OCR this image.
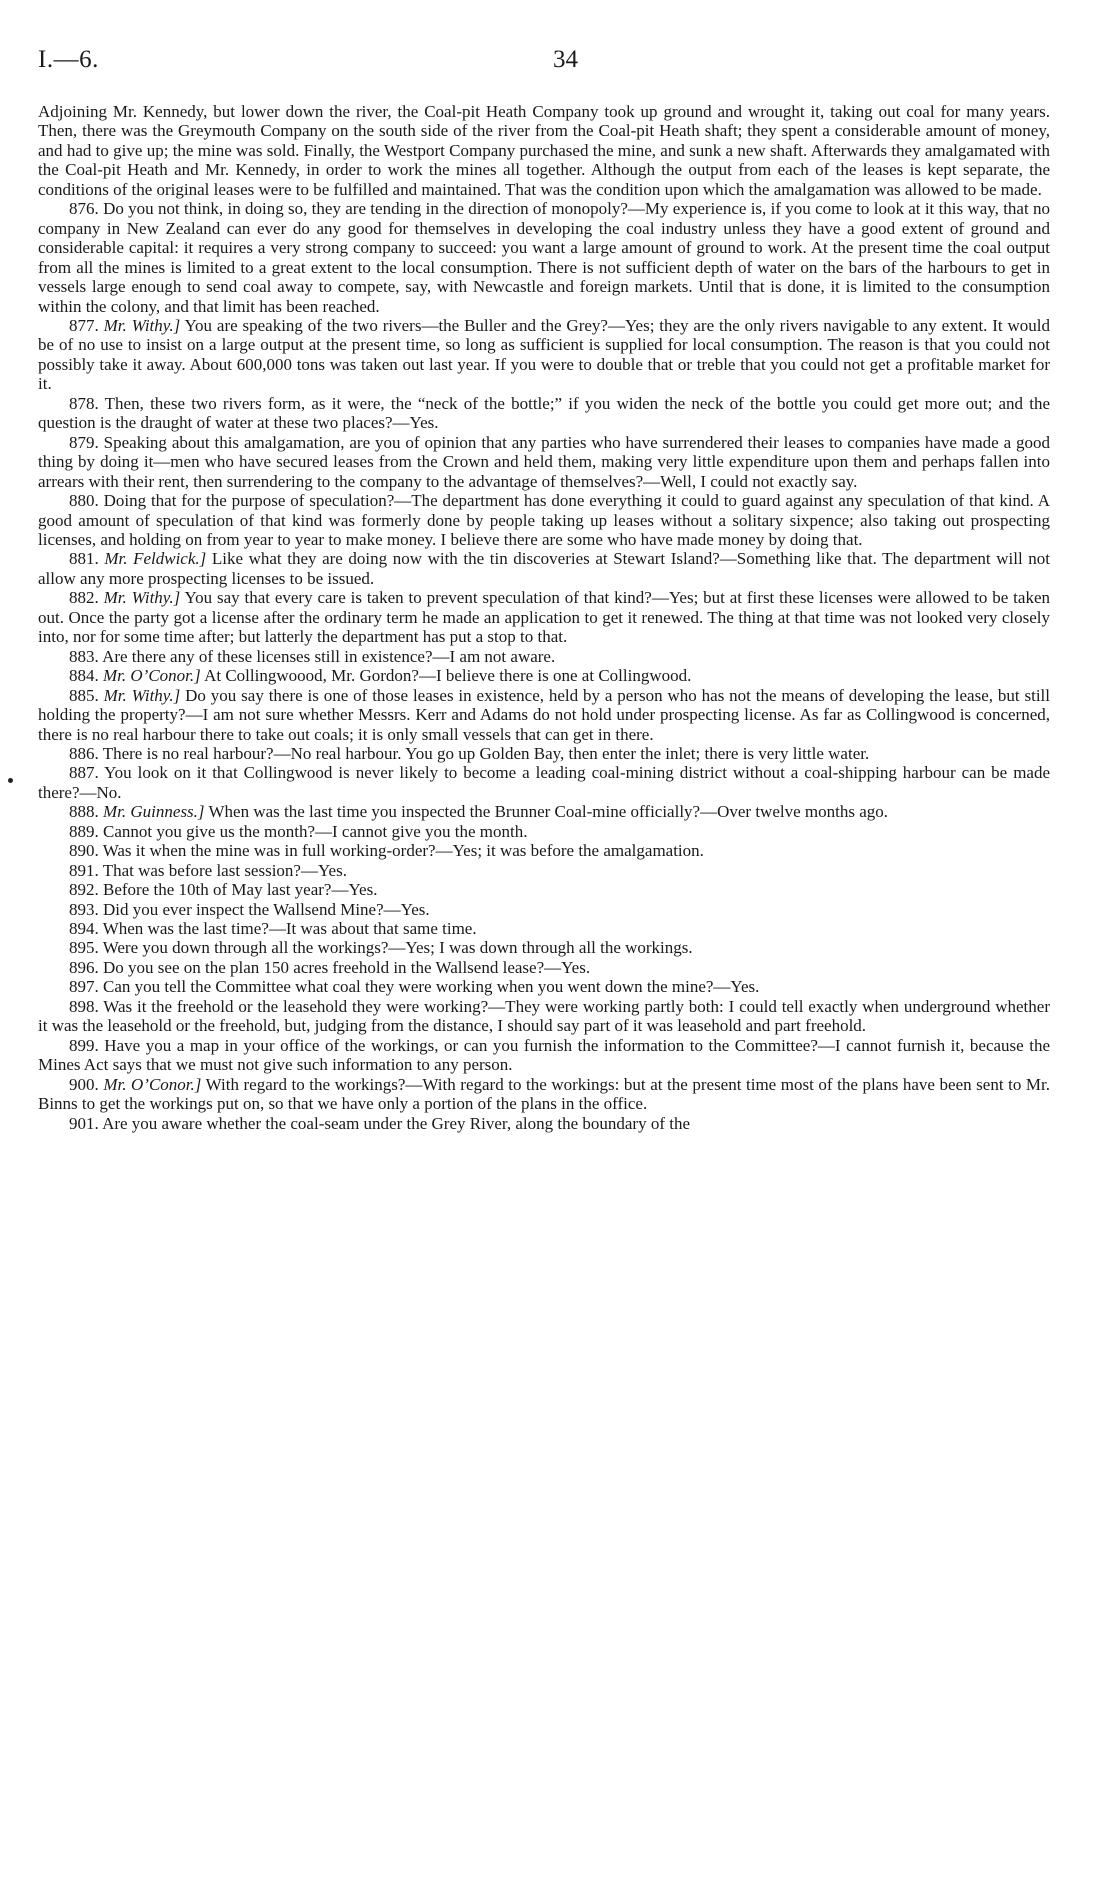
I.—6.	34

Adjoining Mr. Kennedy, but lower down the river, the Coal-pit Heath Company took up ground and wrought it, taking out coal for many years. Then, there was the Greymouth Company on the south side of the river from the Coal-pit Heath shaft; they spent a considerable amount of money, and had to give up; the mine was sold. Finally, the Westport Company purchased the mine, and sunk a new shaft. Afterwards they amalgamated with the Coal-pit Heath and Mr. Kennedy, in order to work the mines all together. Although the output from each of the leases is kept separate, the conditions of the original leases were to be fulfilled and maintained. That was the condition upon which the amalgamation was allowed to be made.

876. Do you not think, in doing so, they are tending in the direction of monopoly?—My experience is, if you come to look at it this way, that no company in New Zealand can ever do any good for themselves in developing the coal industry unless they have a good extent of ground and considerable capital: it requires a very strong company to succeed: you want a large amount of ground to work. At the present time the coal output from all the mines is limited to a great extent to the local consumption. There is not sufficient depth of water on the bars of the harbours to get in vessels large enough to send coal away to compete, say, with Newcastle and foreign markets. Until that is done, it is limited to the consumption within the colony, and that limit has been reached.

877. Mr. Withy.] You are speaking of the two rivers—the Buller and the Grey?—Yes; they are the only rivers navigable to any extent. It would be of no use to insist on a large output at the present time, so long as sufficient is supplied for local consumption. The reason is that you could not possibly take it away. About 600,000 tons was taken out last year. If you were to double that or treble that you could not get a profitable market for it.

878. Then, these two rivers form, as it were, the “neck of the bottle;” if you widen the neck of the bottle you could get more out; and the question is the draught of water at these two places?—Yes.

879. Speaking about this amalgamation, are you of opinion that any parties who have surrendered their leases to companies have made a good thing by doing it—men who have secured leases from the Crown and held them, making very little expenditure upon them and perhaps fallen into arrears with their rent, then surrendering to the company to the advantage of themselves?—Well, I could not exactly say.

880. Doing that for the purpose of speculation?—The department has done everything it could to guard against any speculation of that kind. A good amount of speculation of that kind was formerly done by people taking up leases without a solitary sixpence; also taking out prospecting licenses, and holding on from year to year to make money. I believe there are some who have made money by doing that.

881. Mr. Feldwick.] Like what they are doing now with the tin discoveries at Stewart Island?—Something like that. The department will not allow any more prospecting licenses to be issued.

882. Mr. Withy.] You say that every care is taken to prevent speculation of that kind?—Yes; but at first these licenses were allowed to be taken out. Once the party got a license after the ordinary term he made an application to get it renewed. The thing at that time was not looked very closely into, nor for some time after; but latterly the department has put a stop to that.

883. Are there any of these licenses still in existence?—I am not aware.

884. Mr. O’Conor.] At Collingwoood, Mr. Gordon?—I believe there is one at Collingwood.

885. Mr. Withy.] Do you say there is one of those leases in existence, held by a person who has not the means of developing the lease, but still holding the property?—I am not sure whether Messrs. Kerr and Adams do not hold under prospecting license. As far as Collingwood is concerned, there is no real harbour there to take out coals; it is only small vessels that can get in there.

886. There is no real harbour?—No real harbour. You go up Golden Bay, then enter the inlet; there is very little water.

887. You look on it that Collingwood is never likely to become a leading coal-mining district without a coal-shipping harbour can be made there?—No.

888. Mr. Guinness.] When was the last time you inspected the Brunner Coal-mine officially?—Over twelve months ago.

889. Cannot you give us the month?—I cannot give you the month.

890. Was it when the mine was in full working-order?—Yes; it was before the amalgamation.

891. That was before last session?—Yes.

892. Before the 10th of May last year?—Yes.

893. Did you ever inspect the Wallsend Mine?—Yes.

894. When was the last time?—It was about that same time.

895. Were you down through all the workings?—Yes; I was down through all the workings.

896. Do you see on the plan 150 acres freehold in the Wallsend lease?—Yes.

897. Can you tell the Committee what coal they were working when you went down the mine?—Yes.

898. Was it the freehold or the leasehold they were working?—They were working partly both: I could tell exactly when underground whether it was the leasehold or the freehold, but, judging from the distance, I should say part of it was leasehold and part freehold.

899. Have you a map in your office of the workings, or can you furnish the information to the Committee?—I cannot furnish it, because the Mines Act says that we must not give such information to any person.

900. Mr. O’Conor.] With regard to the workings?—With regard to the workings: but at the present time most of the plans have been sent to Mr. Binns to get the workings put on, so that we have only a portion of the plans in the office.

901. Are you aware whether the coal-seam under the Grey River, along the boundary of the
